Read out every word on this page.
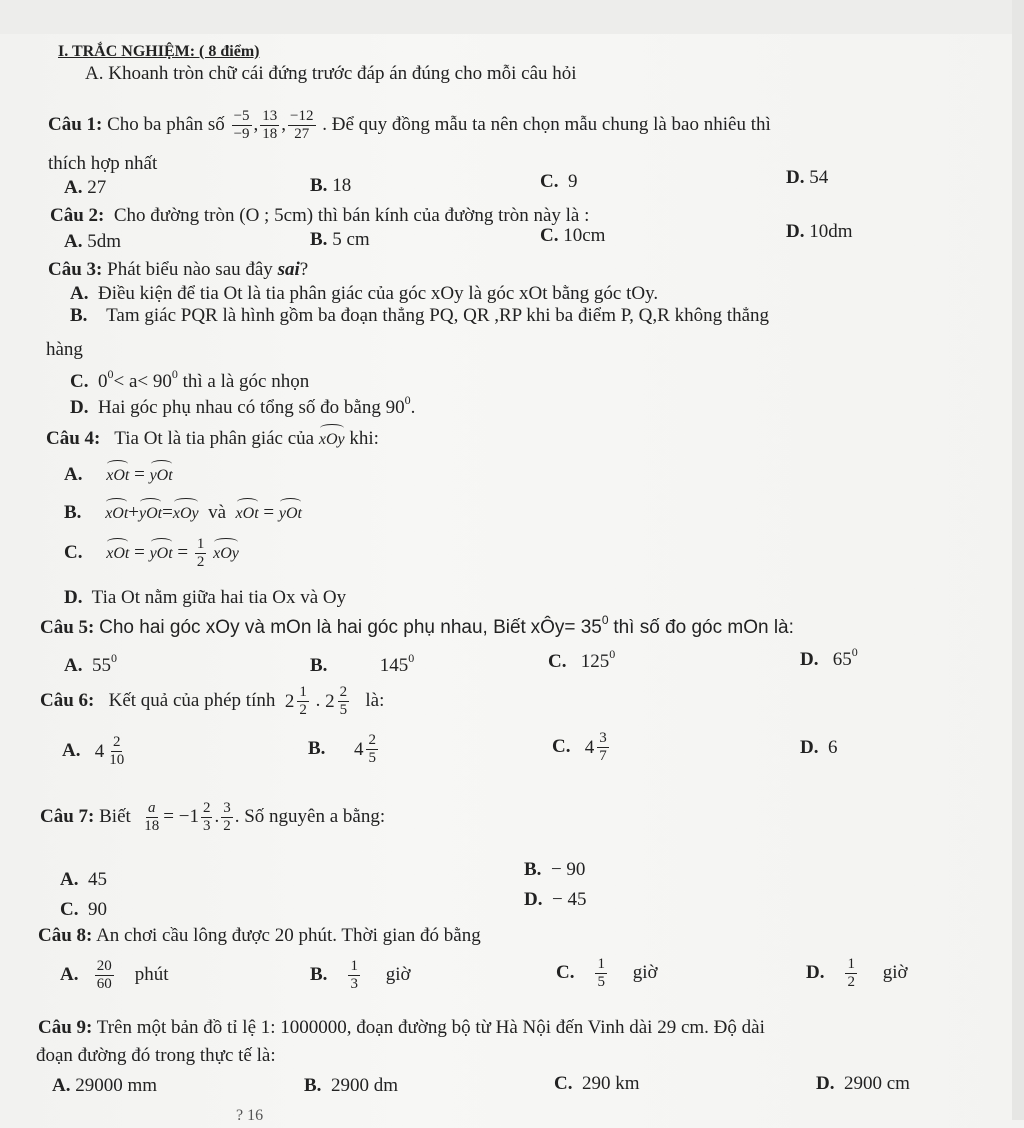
I. TRẮC NGHIỆM: ( 8 điểm)
A. Khoanh tròn chữ cái đứng trước đáp án đúng cho mỗi câu hỏi
Câu 1: Cho ba phân số $\frac{-5}{-9}$ , $\frac{13}{18}$ , $\frac{-12}{27}$ . Để quy đồng mẫu ta nên chọn mẫu chung là bao nhiêu thì
thích hợp nhất
A. 27	B. 18	C. 9	D. 54
Câu 2: Cho đường tròn (O ; 5cm) thì bán kính của đường tròn này là :
A. 5dm	B. 5 cm	C. 10cm	D. 10dm
Câu 3: Phát biểu nào sau đây sai?
A. Điều kiện để tia Ot là tia phân giác của góc xOy là góc xOt bằng góc tOy.
B. Tam giác PQR là hình gồm ba đoạn thẳng PQ, QR ,RP khi ba điểm P, Q,R không thẳng
hàng
C. $0^0< a< 90^0$ thì a là góc nhọn
D. Hai góc phụ nhau có tổng số đo bằng $90^0$.
Câu 4: Tia Ot là tia phân giác của xOy khi:
A. xOt = yOt
B. xOt+yOt=xOy và xOt = yOt
C. xOt = yOt = $\frac{1}{2}$ xOy
D. Tia Ot nằm giữa hai tia Ox và Oy
Câu 5: Cho hai góc xOy và mOn là hai góc phụ nhau, Biết xÔy= $35^0$ thì số đo góc mOn là:
A. $55^0$	B.	$145^0$	C. $125^0$	D. $65^0$
Câu 6: Kết quả của phép tính $2 \frac{1}{2}$ . $2 \frac{2}{5}$ là:
A. $4 \frac{2}{10}$	B. $4 \frac{2}{5}$	C. $4 \frac{3}{7}$	D. 6
Câu 7: Biết $\frac{a}{18} = -1 \frac{2}{3}$ . $\frac{3}{2}$ . Số nguyên a bằng:
A. 45	B. − 90
C. 90	D. − 45
Câu 8: An chơi cầu lông được 20 phút. Thời gian đó bằng
A. $\frac{20}{60}$ phút	B. $\frac{1}{3}$ giờ	C. $\frac{1}{5}$ giờ	D. $\frac{1}{2}$ giờ
Câu 9: Trên một bản đồ tỉ lệ 1: 1000000, đoạn đường bộ từ Hà Nội đến Vinh dài 29 cm. Độ dài
đoạn đường đó trong thực tế là:
A. 29000 mm	B. 2900 dm	C. 290 km	D. 2900 cm
? 16
